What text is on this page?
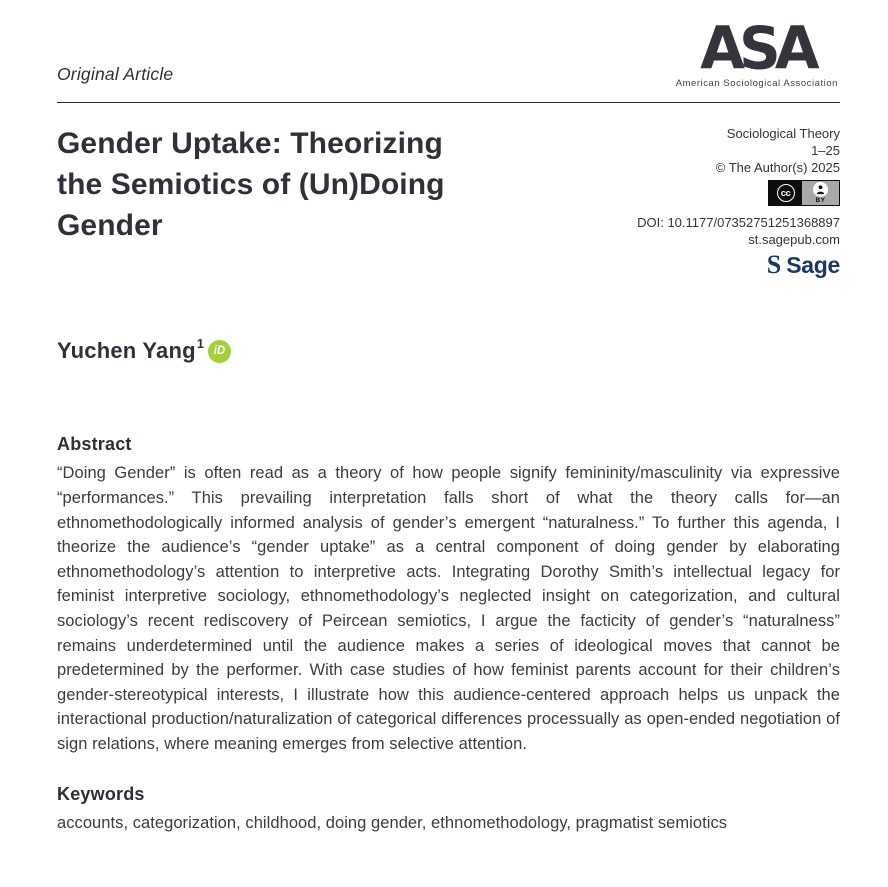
Original Article	ASA
American Sociological Association
Gender Uptake: Theorizing
the Semiotics of (Un)Doing
Gender
Sociological Theory
1–25
© The Author(s) 2025
cc
BY
DOI: 10.1177/07352751251368897
st.sagepub.com
S Sage
Yuchen Yang 1 iD
Abstract
“Doing Gender” is often read as a theory of how people signify femininity/masculinity via expressive “performances.” This prevailing interpretation falls short of what the theory calls for—an ethnomethodologically informed analysis of gender’s emergent “naturalness.” To further this agenda, I theorize the audience’s “gender uptake” as a central component of doing gender by elaborating ethnomethodology’s attention to interpretive acts. Integrating Dorothy Smith’s intellectual legacy for feminist interpretive sociology, ethnomethodology’s neglected insight on categorization, and cultural sociology’s recent rediscovery of Peircean semiotics, I argue the facticity of gender’s “naturalness” remains underdetermined until the audience makes a series of ideological moves that cannot be predetermined by the performer. With case studies of how feminist parents account for their children’s gender-stereotypical interests, I illustrate how this audience-centered approach helps us unpack the interactional production/naturalization of categorical differences processually as open-ended negotiation of sign relations, where meaning emerges from selective attention.
Keywords
accounts, categorization, childhood, doing gender, ethnomethodology, pragmatist semiotics
